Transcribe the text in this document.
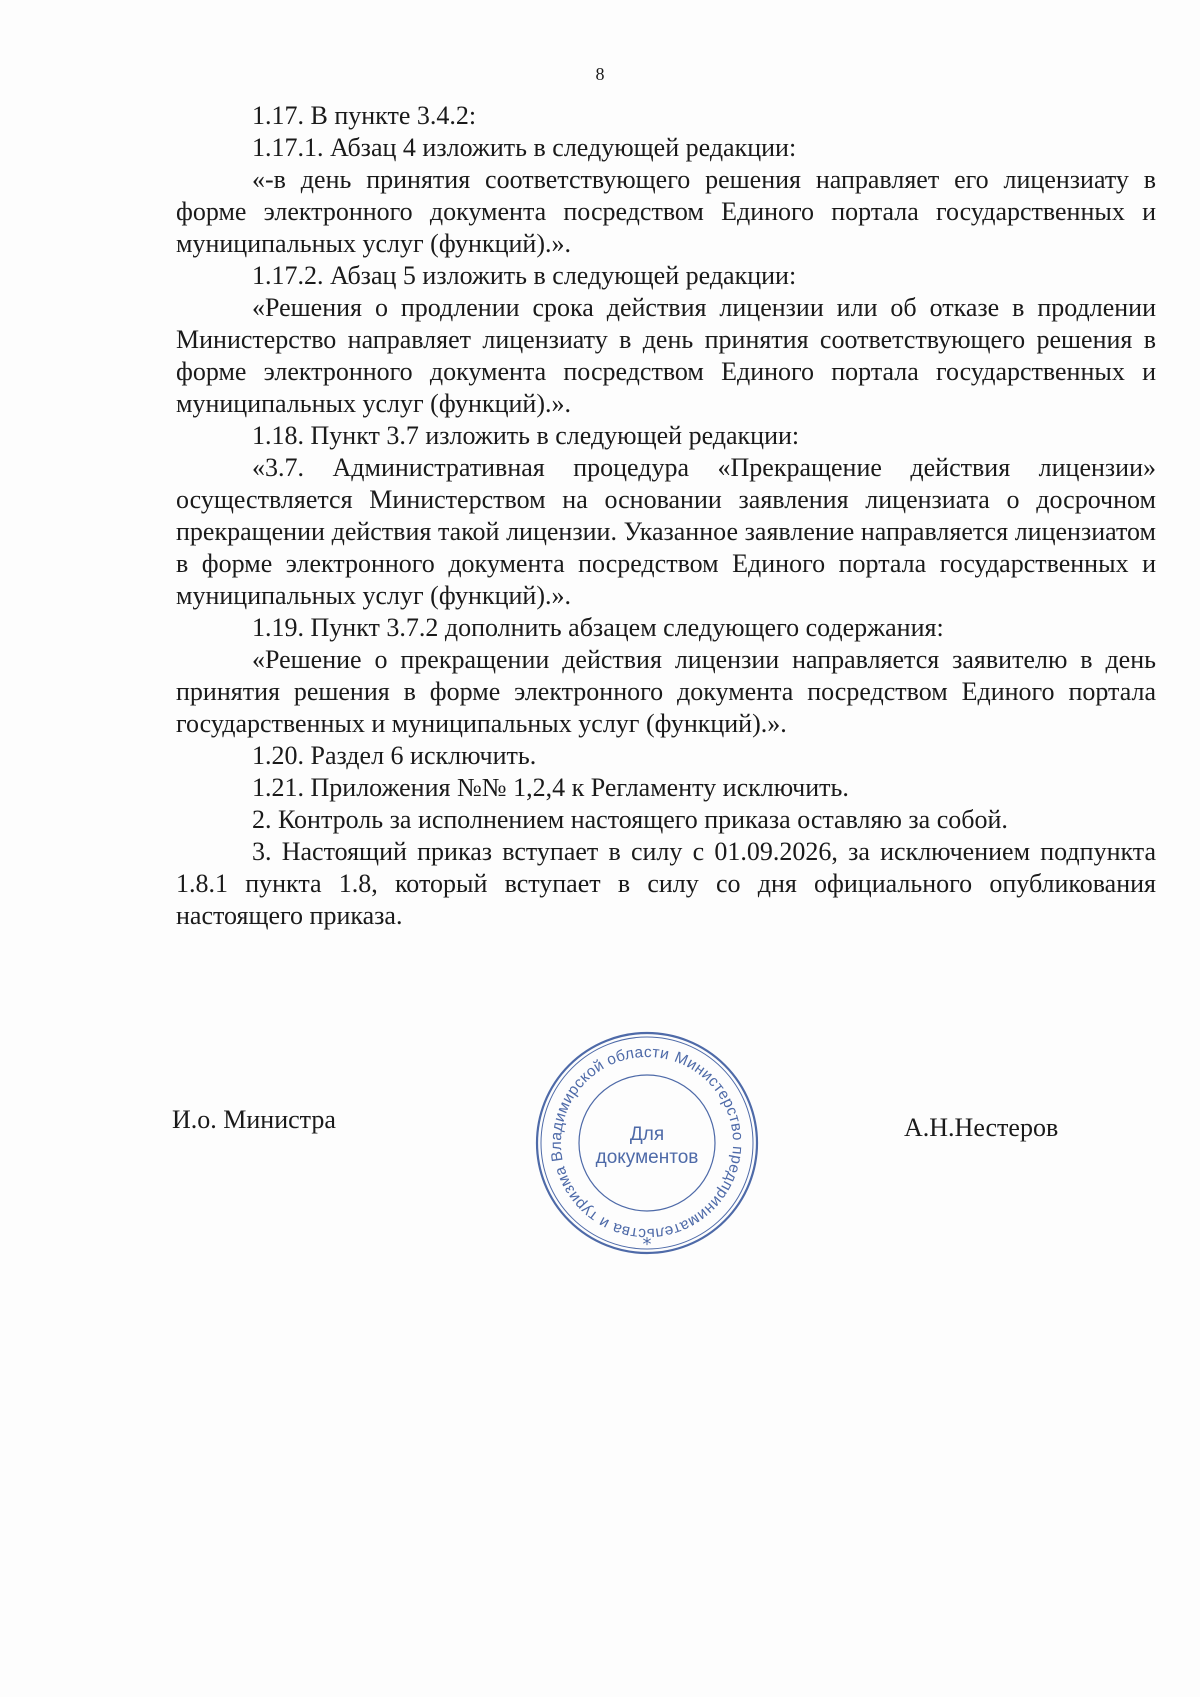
8

1.17. В пункте 3.4.2:

1.17.1. Абзац 4 изложить в следующей редакции:

«-в день принятия соответствующего решения направляет его лицензиату в форме электронного документа посредством Единого портала государственных и муниципальных услуг (функций).».

1.17.2. Абзац 5 изложить в следующей редакции:

«Решения о продлении срока действия лицензии или об отказе в продлении Министерство направляет лицензиату в день принятия соответствующего решения в форме электронного документа посредством Единого портала государственных и муниципальных услуг (функций).».

1.18. Пункт 3.7 изложить в следующей редакции:

«3.7. Административная процедура «Прекращение действия лицензии» осуществляется Министерством на основании заявления лицензиата о досрочном прекращении действия такой лицензии. Указанное заявление направляется лицензиатом в форме электронного документа посредством Единого портала государственных и муниципальных услуг (функций).».

1.19. Пункт 3.7.2 дополнить абзацем следующего содержания:

«Решение о прекращении действия лицензии направляется заявителю в день принятия решения в форме электронного документа посредством Единого портала государственных и муниципальных услуг (функций).».

1.20. Раздел 6 исключить.

1.21. Приложения №№ 1,2,4 к Регламенту исключить.

2. Контроль за исполнением настоящего приказа оставляю за собой.

3. Настоящий приказ вступает в силу с 01.09.2026, за исключением подпункта 1.8.1 пункта 1.8, который вступает в силу со дня официального опубликования настоящего приказа.

И.о. Министра	А.Н.Нестеров
Министерство предпринимательства и туризма Владимирской области
Для
документов
*
